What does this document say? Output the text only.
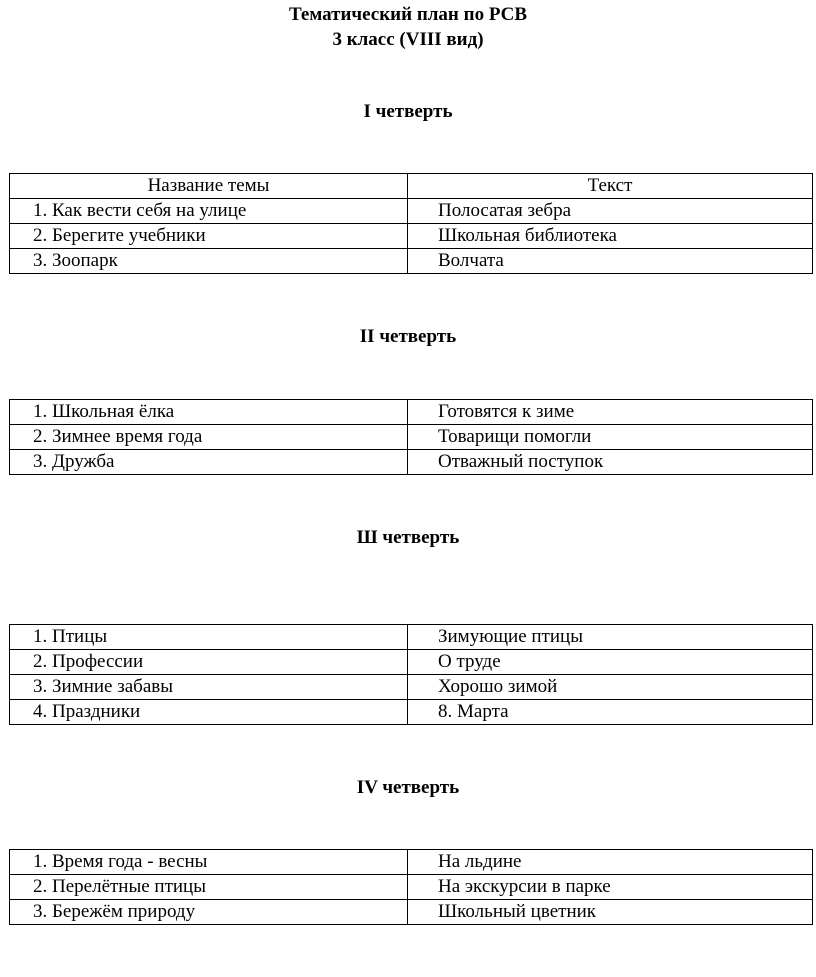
Тематический план по РСВ
3 класс (VIII вид)
I четверть
Название темы	Текст
1. Как вести себя на улице	Полосатая зебра
2. Берегите учебники	Школьная библиотека
3. Зоопарк	Волчата
II четверть
1. Школьная ёлка	Готовятся к зиме
2. Зимнее время года	Товарищи помогли
3. Дружба	Отважный поступок
Ш четверть
1. Птицы	Зимующие птицы
2. Профессии	О труде
3. Зимние забавы	Хорошо зимой
4. Праздники	8. Марта
IV четверть
1. Время года - весны	На льдине
2. Перелётные птицы	На экскурсии в парке
3. Бережём природу	Школьный цветник
